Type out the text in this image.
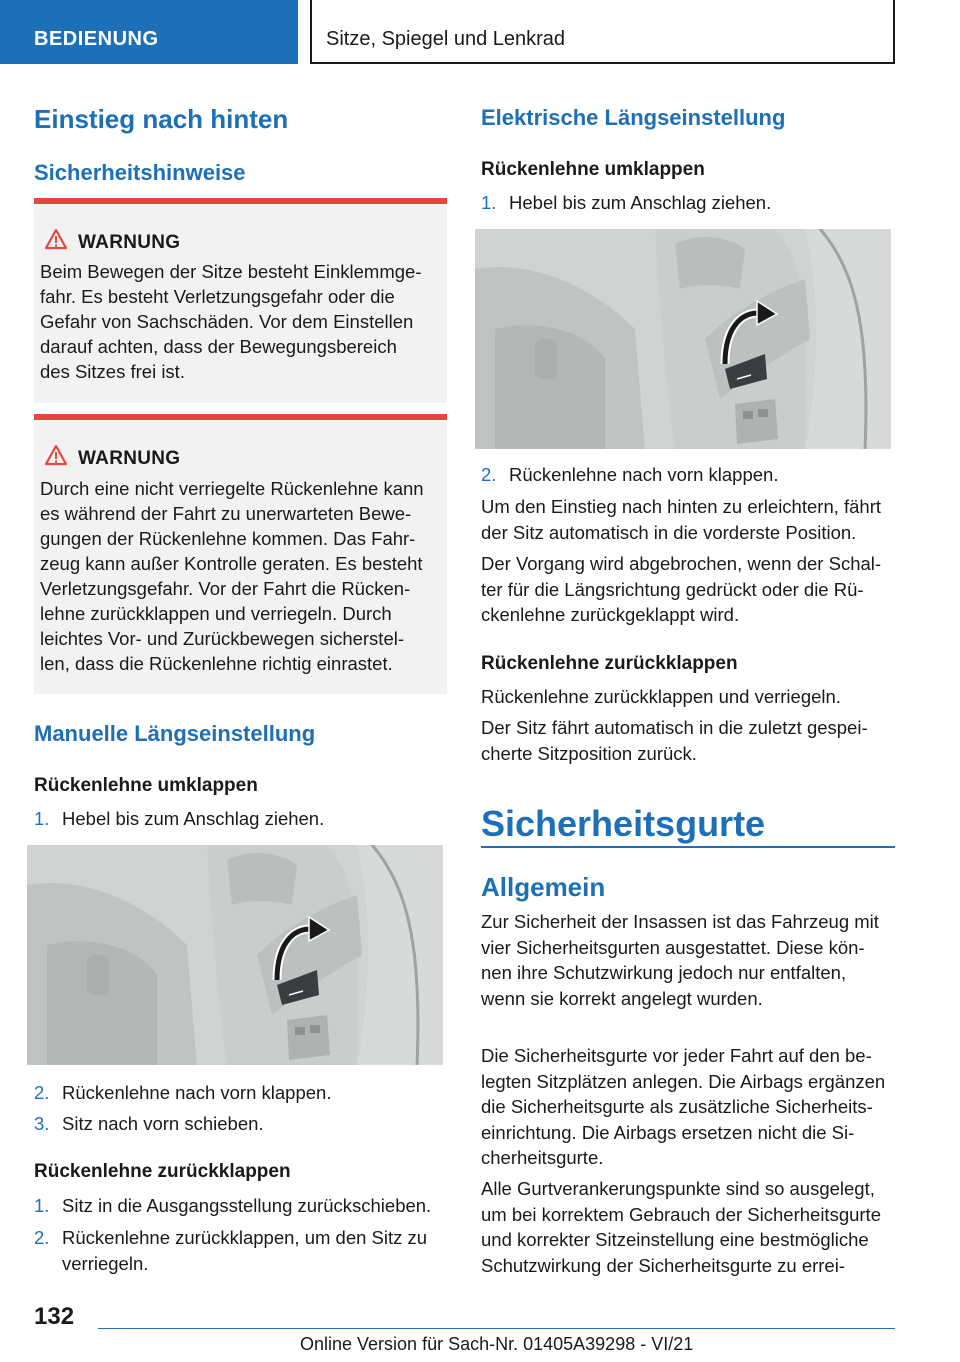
BEDIENUNG	Sitze, Spiegel und Lenkrad
Einstieg nach hinten
Sicherheitshinweise
WARNUNG
Beim Bewegen der Sitze besteht Einklemmge-
fahr. Es besteht Verletzungsgefahr oder die
Gefahr von Sachschäden. Vor dem Einstellen
darauf achten, dass der Bewegungsbereich
des Sitzes frei ist.
WARNUNG
Durch eine nicht verriegelte Rückenlehne kann
es während der Fahrt zu unerwarteten Bewe-
gungen der Rückenlehne kommen. Das Fahr-
zeug kann außer Kontrolle geraten. Es besteht
Verletzungsgefahr. Vor der Fahrt die Rücken-
lehne zurückklappen und verriegeln. Durch
leichtes Vor- und Zurückbewegen sicherstel-
len, dass die Rückenlehne richtig einrastet.
Manuelle Längseinstellung
Rückenlehne umklappen
1. Hebel bis zum Anschlag ziehen.
2. Rückenlehne nach vorn klappen.
3. Sitz nach vorn schieben.
Rückenlehne zurückklappen
1. Sitz in die Ausgangsstellung zurückschieben.
2. Rückenlehne zurückklappen, um den Sitz zu
verriegeln.
Elektrische Längseinstellung
Rückenlehne umklappen
1. Hebel bis zum Anschlag ziehen.
2. Rückenlehne nach vorn klappen.
Um den Einstieg nach hinten zu erleichtern, fährt
der Sitz automatisch in die vorderste Position.
Der Vorgang wird abgebrochen, wenn der Schal-
ter für die Längsrichtung gedrückt oder die Rü-
ckenlehne zurückgeklappt wird.
Rückenlehne zurückklappen
Rückenlehne zurückklappen und verriegeln.
Der Sitz fährt automatisch in die zuletzt gespei-
cherte Sitzposition zurück.
Sicherheitsgurte
Allgemein
Zur Sicherheit der Insassen ist das Fahrzeug mit
vier Sicherheitsgurten ausgestattet. Diese kön-
nen ihre Schutzwirkung jedoch nur entfalten,
wenn sie korrekt angelegt wurden.
Die Sicherheitsgurte vor jeder Fahrt auf den be-
legten Sitzplätzen anlegen. Die Airbags ergänzen
die Sicherheitsgurte als zusätzliche Sicherheits-
einrichtung. Die Airbags ersetzen nicht die Si-
cherheitsgurte.
Alle Gurtverankerungspunkte sind so ausgelegt,
um bei korrektem Gebrauch der Sicherheitsgurte
und korrekter Sitzeinstellung eine bestmögliche
Schutzwirkung der Sicherheitsgurte zu errei-
132
Online Version für Sach-Nr. 01405A39298 - VI/21
